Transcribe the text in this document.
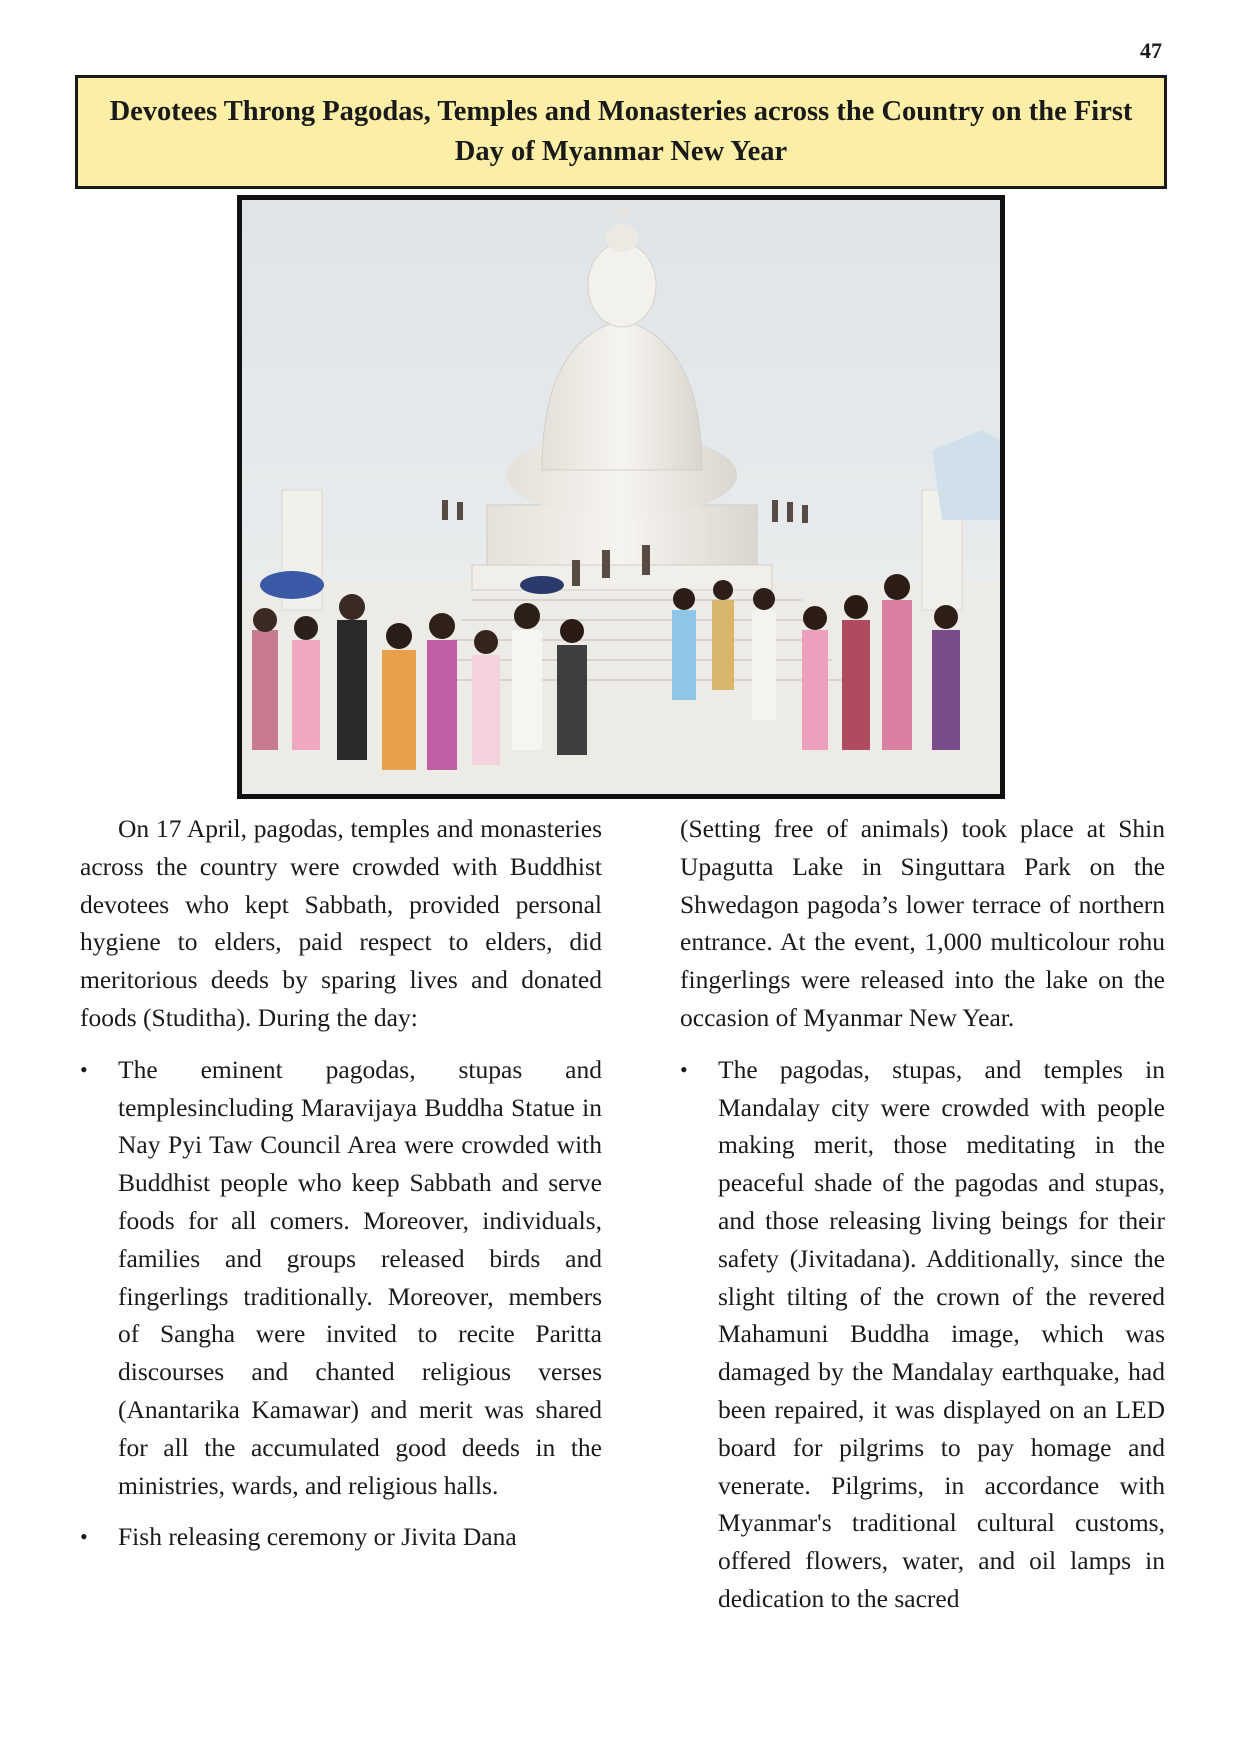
47
Devotees Throng Pagodas, Temples and Monasteries across the Country on the First Day of Myanmar New Year

On 17 April, pagodas, temples and monasteries across the country were crowded with Buddhist devotees who kept Sabbath, provided personal hygiene to elders, paid respect to elders, did meritorious deeds by sparing lives and donated foods (Studitha). During the day:

• The eminent pagodas, stupas and templesincluding Maravijaya Buddha Statue in Nay Pyi Taw Council Area were crowded with Buddhist people who keep Sabbath and serve foods for all comers. Moreover, individuals, families and groups released birds and fingerlings traditionally. Moreover, members of Sangha were invited to recite Paritta discourses and chanted religious verses (Anantarika Kamawar) and merit was shared for all the accumulated good deeds in the ministries, wards, and religious halls.
• Fish releasing ceremony or Jivita Dana

(Setting free of animals) took place at Shin Upagutta Lake in Singuttara Park on the Shwedagon pagoda’s lower terrace of northern entrance. At the event, 1,000 multicolour rohu fingerlings were released into the lake on the occasion of Myanmar New Year.

• The pagodas, stupas, and temples in Mandalay city were crowded with people making merit, those meditating in the peaceful shade of the pagodas and stupas, and those releasing living beings for their safety (Jivitadana). Additionally, since the slight tilting of the crown of the revered Mahamuni Buddha image, which was damaged by the Mandalay earthquake, had been repaired, it was displayed on an LED board for pilgrims to pay homage and venerate. Pilgrims, in accordance with Myanmar's traditional cultural customs, offered flowers, water, and oil lamps in dedication to the sacred
